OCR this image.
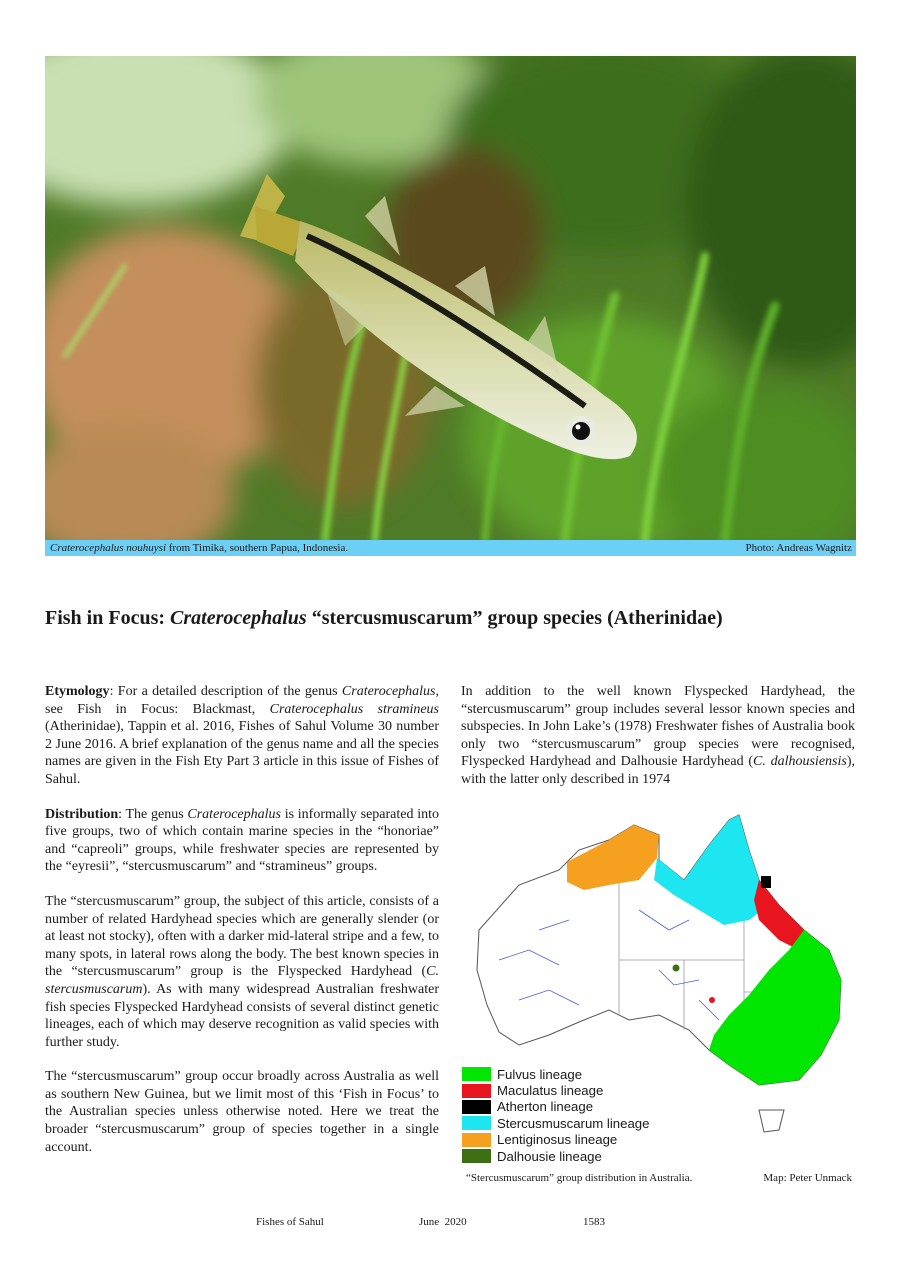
Craterocephalus nouhuysi from Timika, southern Papua, Indonesia.	Photo: Andreas Wagnitz
Fish in Focus: Craterocephalus “stercusmuscarum” group species (Atherinidae)

Etymology: For a detailed description of the genus Craterocephalus, see Fish in Focus: Blackmast, Craterocephalus stramineus (Atherinidae), Tappin et al. 2016, Fishes of Sahul Volume 30 number 2 June 2016. A brief explanation of the genus name and all the species names are given in the Fish Ety Part 3 article in this issue of Fishes of Sahul.

Distribution: The genus Craterocephalus is informally separated into five groups, two of which contain marine species in the “honoriae” and “capreoli” groups, while freshwater species are represented by the “eyresii”, “stercusmuscarum” and “stramineus” groups.

The “stercusmuscarum” group, the subject of this article, consists of a number of related Hardyhead species which are generally slender (or at least not stocky), often with a darker mid-lateral stripe and a few, to many spots, in lateral rows along the body. The best known species in the “stercusmuscarum” group is the Flyspecked Hardyhead (C. stercusmuscarum). As with many widespread Australian freshwater fish species Flyspecked Hardyhead consists of several distinct genetic lineages, each of which may deserve recognition as valid species with further study.

The “stercusmuscarum” group occur broadly across Australia as well as southern New Guinea, but we limit most of this ‘Fish in Focus’ to the Australian species unless otherwise noted. Here we treat the broader “stercusmuscarum” group of species together in a single account.

In addition to the well known Flyspecked Hardyhead, the “stercusmuscarum” group includes several lessor known species and subspecies. In John Lake’s (1978) Freshwater fishes of Australia book only two “stercusmuscarum” group species were recognised, Flyspecked Hardyhead and Dalhousie Hardyhead (C. dalhousiensis), with the latter only described in 1974

Fulvus lineage
Maculatus lineage
Atherton lineage
Stercusmuscarum lineage
Lentiginosus lineage
Dalhousie lineage
“Stercusmuscarum” group distribution in Australia.	Map: Peter Unmack
Fishes of Sahul	June  2020	1583
